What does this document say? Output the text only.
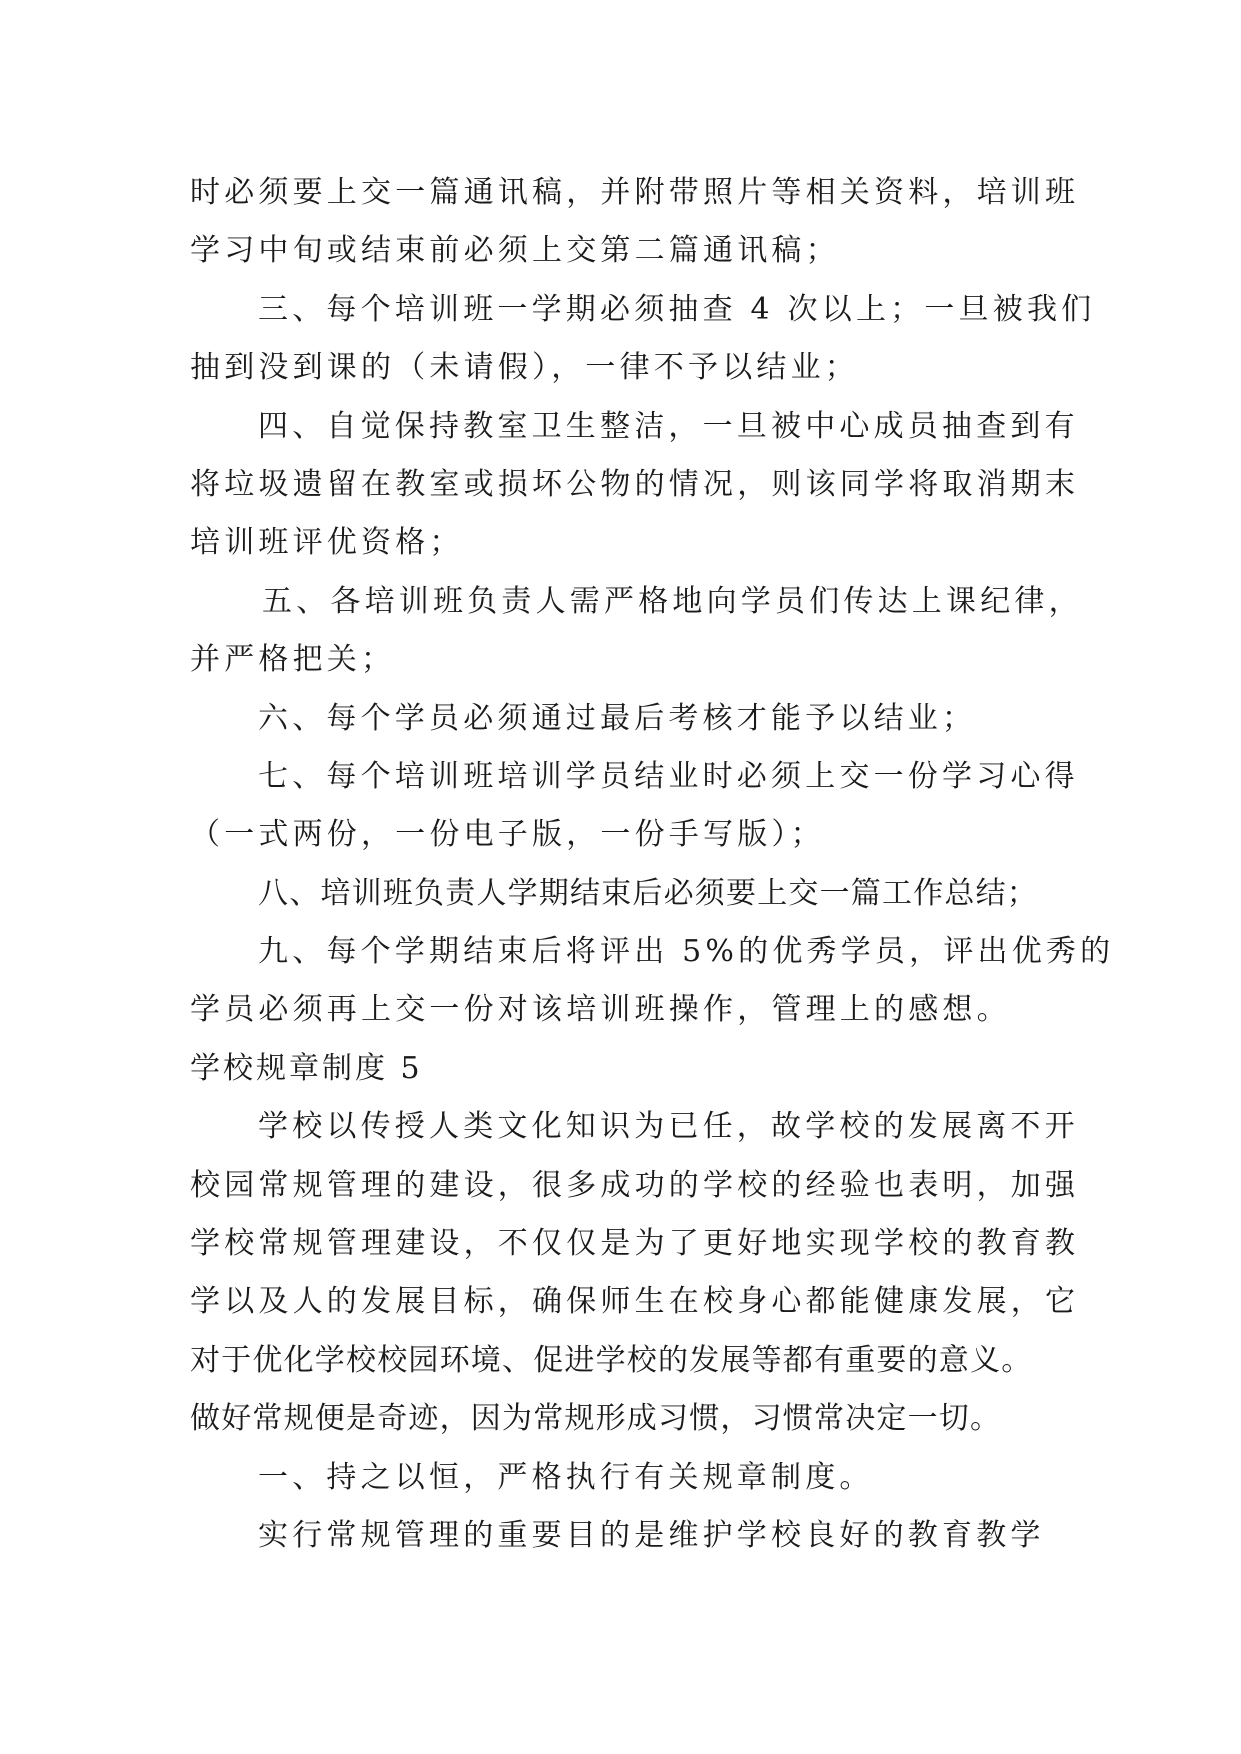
时必须要上交一篇通讯稿，并附带照片等相关资料，培训班
学习中旬或结束前必须上交第二篇通讯稿；
三、每个培训班一学期必须抽查 4 次以上；一旦被我们
抽到没到课的（未请假），一律不予以结业；
四、自觉保持教室卫生整洁，一旦被中心成员抽查到有
将垃圾遗留在教室或损坏公物的情况，则该同学将取消期末
培训班评优资格；
五、各培训班负责人需严格地向学员们传达上课纪律，
并严格把关；
六、每个学员必须通过最后考核才能予以结业；
七、每个培训班培训学员结业时必须上交一份学习心得
（一式两份，一份电子版，一份手写版）；
八、培训班负责人学期结束后必须要上交一篇工作总结；
九、每个学期结束后将评出 5%的优秀学员，评出优秀的
学员必须再上交一份对该培训班操作，管理上的感想。
学校规章制度 5
学校以传授人类文化知识为已任，故学校的发展离不开
校园常规管理的建设，很多成功的学校的经验也表明，加强
学校常规管理建设，不仅仅是为了更好地实现学校的教育教
学以及人的发展目标，确保师生在校身心都能健康发展，它
对于优化学校校园环境、促进学校的发展等都有重要的意义。
做好常规便是奇迹，因为常规形成习惯，习惯常决定一切。
一、持之以恒，严格执行有关规章制度。
实行常规管理的重要目的是维护学校良好的教育教学
